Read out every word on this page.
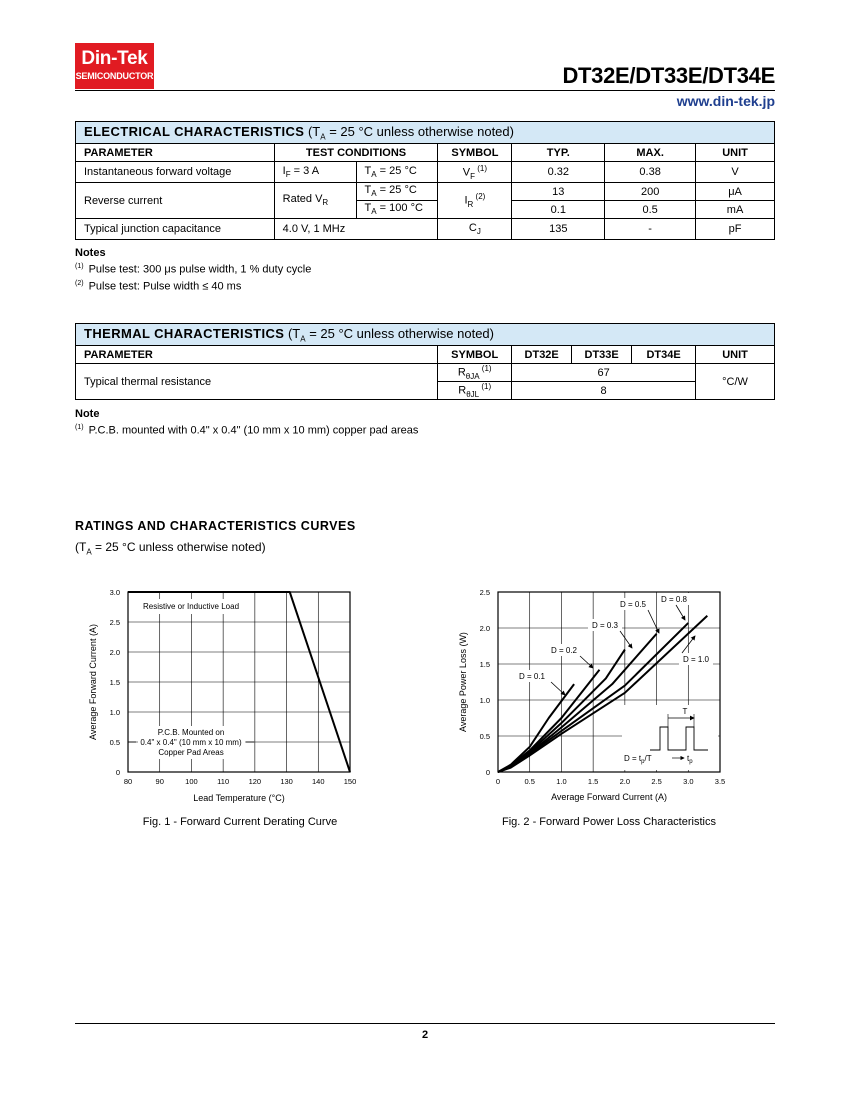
Din-Tek
SEMICONDUCTOR	DT32E/DT33E/DT34E
www.din-tek.jp
ELECTRICAL CHARACTERISTICS ($T_A = 25$ °C unless otherwise noted)						
PARAMETER	TEST CONDITIONS		SYMBOL	TYP.	MAX.	UNIT
Instantaneous forward voltage	$I_F = 3$ A	$T_A = 25$ °C	$V_F$ $^{(1)}$	0.32	0.38	V
Reverse current	Rated $V_R$	$T_A = 25$ °C	$I_R$ $^{(2)}$	13	200	μA
		$T_A = 100$ °C		0.1	0.5	mA
Typical junction capacitance	4.0 V, 1 MHz		$C_J$	135	-	pF
Notes
$^{(1)}$ Pulse test: 300 μs pulse width, 1 % duty cycle
$^{(2)}$ Pulse test: Pulse width ≤ 40 ms
THERMAL CHARACTERISTICS ($T_A = 25$ °C unless otherwise noted)					
PARAMETER	SYMBOL	DT32E	DT33E	DT34E	UNIT
Typical thermal resistance	$R_{\theta JA}$ $^{(1)}$	67			°C/W
	$R_{\theta JL}$ $^{(1)}$	8			
Note
$^{(1)}$ P.C.B. mounted with 0.4" x 0.4" (10 mm x 10 mm) copper pad areas
RATINGS AND CHARACTERISTICS CURVES
($T_A = 25$ °C unless otherwise noted)
80	90	100	110	120	130	140	150
0
0.5
1.0
1.5
2.0
2.5
3.0
Resistive or Inductive Load
P.C.B. Mounted on
0.4" x 0.4" (10 mm x 10 mm)
Copper Pad Areas
Lead Temperature (°C)
Average Forward Current (A)
Fig. 1 - Forward Current Derating Curve
0	0.5	1.0	1.5	2.0	2.5	3.0	3.5
0
0.5
1.0
1.5
2.0
2.5
D = 0.1
D = 0.2
D = 0.3
D = 0.5
D = 0.8
D = 1.0
T
$D = t_p/T$	$t_p$
Average Forward Current (A)
Average Power Loss (W)
Fig. 2 - Forward Power Loss Characteristics
2
